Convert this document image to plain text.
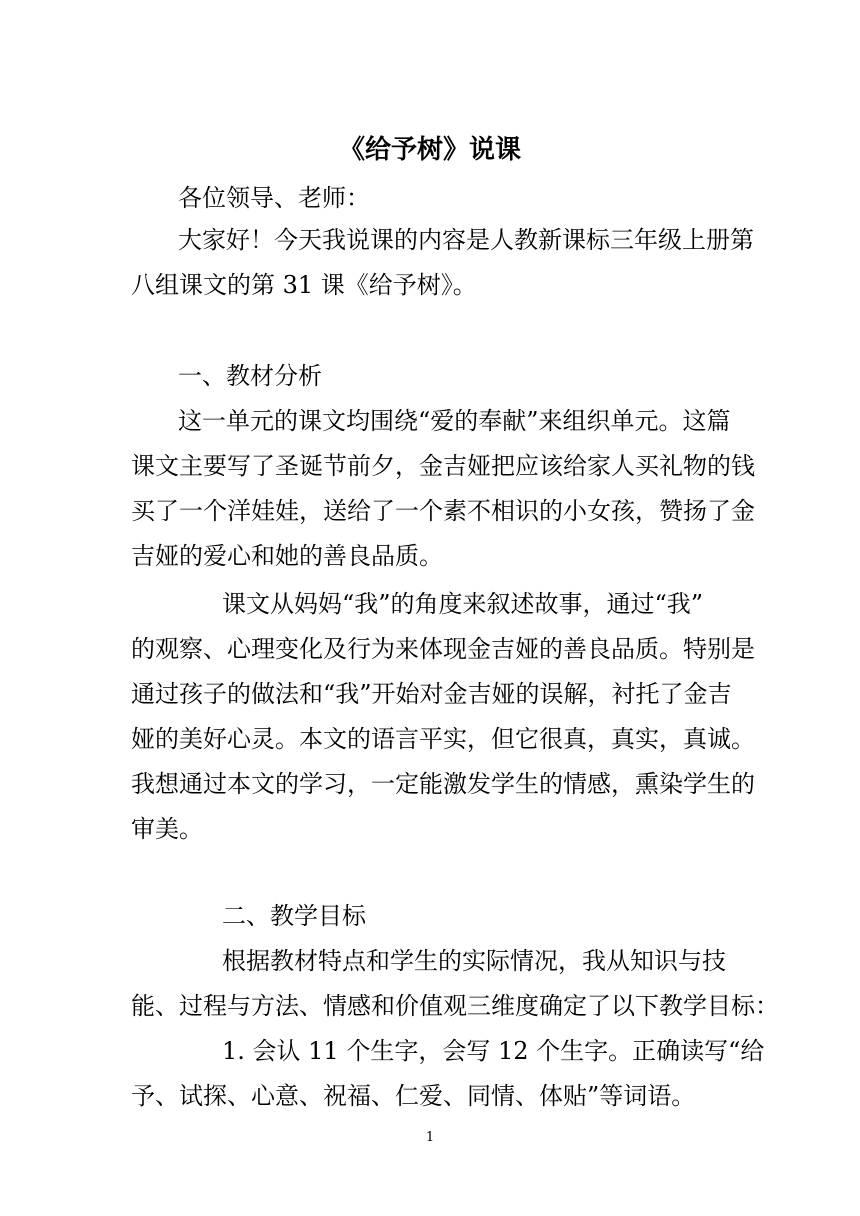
《给予树》说课
各位领导、老师：
大家好！今天我说课的内容是人教新课标三年级上册第
八组课文的第 31 课《给予树》。
一、教材分析
这一单元的课文均围绕“爱的奉献”来组织单元。这篇
课文主要写了圣诞节前夕，金吉娅把应该给家人买礼物的钱
买了一个洋娃娃，送给了一个素不相识的小女孩，赞扬了金
吉娅的爱心和她的善良品质。
课文从妈妈“我”的角度来叙述故事，通过“我”
的观察、心理变化及行为来体现金吉娅的善良品质。特别是
通过孩子的做法和“我”开始对金吉娅的误解，衬托了金吉
娅的美好心灵。本文的语言平实，但它很真，真实，真诚。
我想通过本文的学习，一定能激发学生的情感，熏染学生的
审美。
二、教学目标
根据教材特点和学生的实际情况，我从知识与技
能、过程与方法、情感和价值观三维度确定了以下教学目标：
1. 会认 11 个生字，会写 12 个生字。正确读写“给
予、试探、心意、祝福、仁爱、同情、体贴”等词语。
1
